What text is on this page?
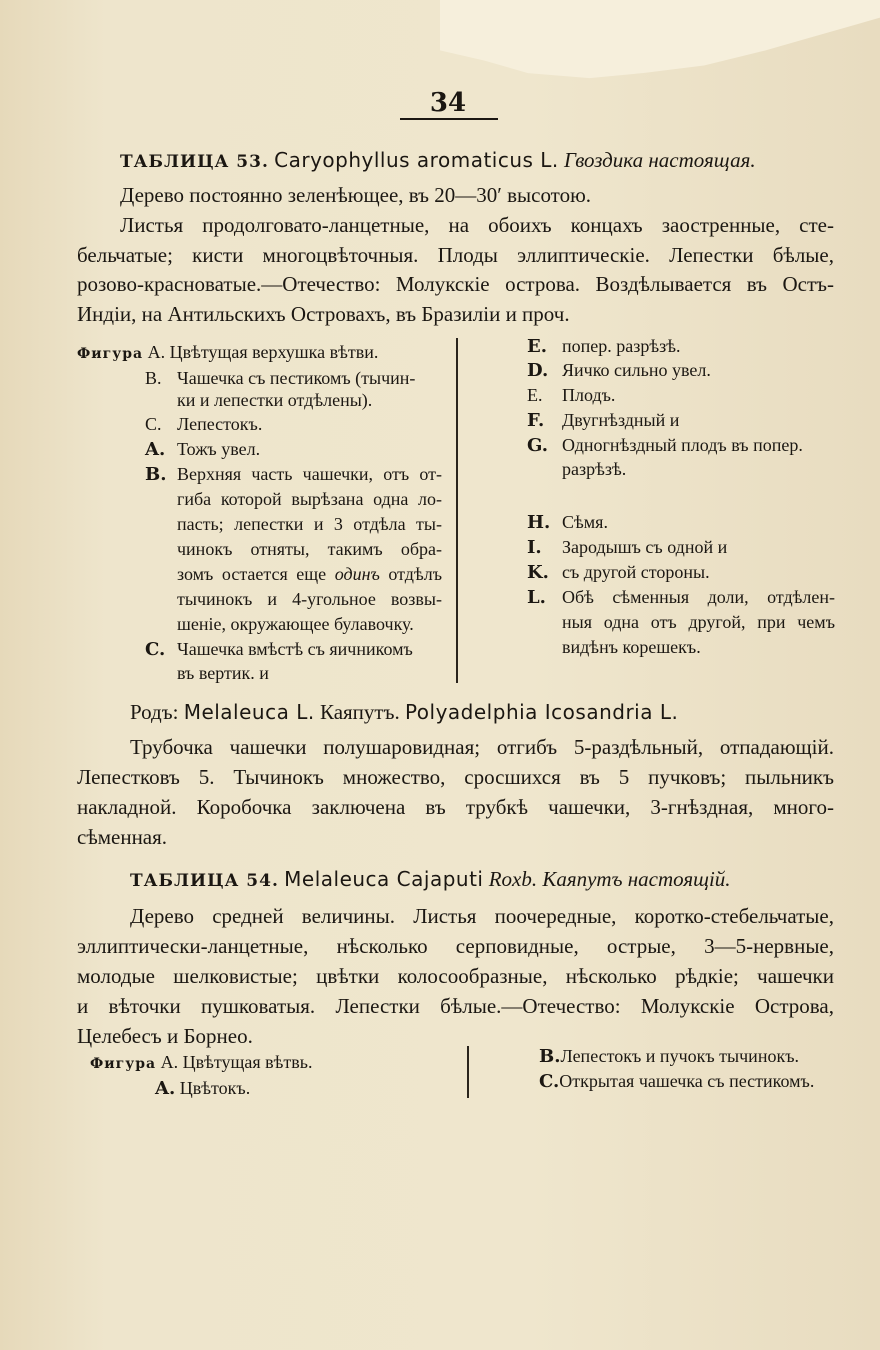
34
ТАБЛИЦА 53. Caryophyllus aromaticus L. Гвоздика настоящая.
Дерево постоянно зеленѣющее, въ 20—30′ высотою.
Листья продолговато-ланцетные, на обоихъ концахъ заостренные, сте-
бельчатые; кисти многоцвѣточныя. Плоды эллиптическіе. Лепестки бѣлые,
розово-красноватые.—Отечество: Молукскіе острова. Воздѣлывается въ Остъ-
Индіи, на Антильскихъ Островахъ, въ Бразиліи и проч.
Фигура А. Цвѣтущая верхушка вѣтви.
В. Чашечка съ пестикомъ (тычин-
ки и лепестки отдѣлены).
С. Лепестокъ.
A. Тожъ увел.
B. Верхняя часть чашечки, отъ от-
гиба которой вырѣзана одна ло-
пасть; лепестки и 3 отдѣла ты-
чинокъ отняты, такимъ обра-
зомъ остается еще одинъ отдѣлъ
тычинокъ и 4-угольное возвы-
шеніе, окружающее булавочку.
C. Чашечка вмѣстѣ съ яичникомъ
въ вертик. и
E. попер. разрѣзѣ.
D. Яичко сильно увел.
Е. Плодъ.
F. Двугнѣздный и
G. Одногнѣздный плодъ въ попер.
разрѣзѣ.
H. Сѣмя.
I. Зародышъ съ одной и
K. съ другой стороны.
L. Обѣ сѣменныя доли, отдѣлен-
ныя одна отъ другой, при чемъ
видѣнъ корешекъ.
Родъ: Melaleuca L. Каяпутъ. Polyadelphia Icosandria L.
Трубочка чашечки полушаровидная; отгибъ 5-раздѣльный, отпадающій.
Лепестковъ 5. Тычинокъ множество, сросшихся въ 5 пучковъ; пыльникъ
накладной. Коробочка заключена въ трубкѣ чашечки, 3-гнѣздная, много-
сѣменная.
ТАБЛИЦА 54. Melaleuca Cajaputi Roxb. Каяпутъ настоящій.
Дерево средней величины. Листья поочередные, коротко-стебельчатые,
эллиптически-ланцетные, нѣсколько серповидные, острые, 3—5-нервные,
молодые шелковистые; цвѣтки колосообразные, нѣсколько рѣдкіе; чашечки
и вѣточки пушковатыя. Лепестки бѣлые.—Отечество: Молукскіе Острова,
Целебесъ и Борнео.
Фигура А. Цвѣтущая вѣтвь.
A. Цвѣтокъ.
B.Лепестокъ и пучокъ тычинокъ.
C.Открытая чашечка съ пестикомъ.
